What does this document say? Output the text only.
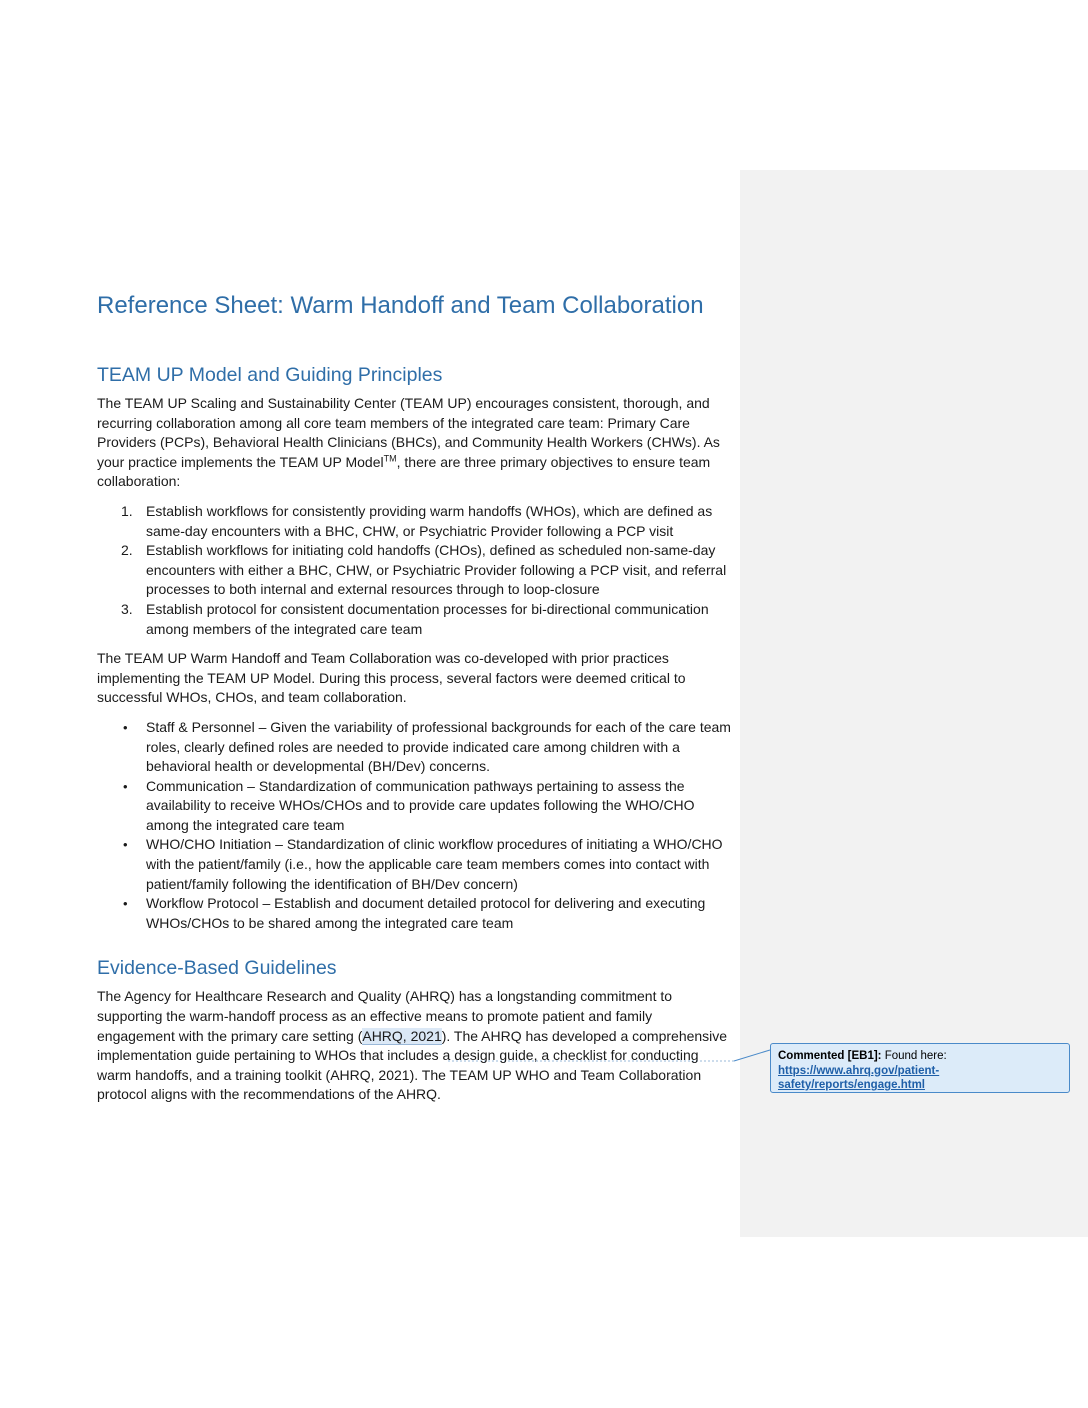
Reference Sheet: Warm Handoff and Team Collaboration
TEAM UP Model and Guiding Principles

The TEAM UP Scaling and Sustainability Center (TEAM UP) encourages consistent, thorough, and recurring collaboration among all core team members of the integrated care team: Primary Care Providers (PCPs), Behavioral Health Clinicians (BHCs), and Community Health Workers (CHWs). As your practice implements the TEAM UP Model™, there are three primary objectives to ensure team collaboration:

1. Establish workflows for consistently providing warm handoffs (WHOs), which are defined as same-day encounters with a BHC, CHW, or Psychiatric Provider following a PCP visit
2. Establish workflows for initiating cold handoffs (CHOs), defined as scheduled non-same-day encounters with either a BHC, CHW, or Psychiatric Provider following a PCP visit, and referral processes to both internal and external resources through to loop-closure
3. Establish protocol for consistent documentation processes for bi-directional communication among members of the integrated care team

The TEAM UP Warm Handoff and Team Collaboration was co-developed with prior practices implementing the TEAM UP Model. During this process, several factors were deemed critical to successful WHOs, CHOs, and team collaboration.

• Staff & Personnel – Given the variability of professional backgrounds for each of the care team roles, clearly defined roles are needed to provide indicated care among children with a behavioral health or developmental (BH/Dev) concerns.
• Communication – Standardization of communication pathways pertaining to assess the availability to receive WHOs/CHOs and to provide care updates following the WHO/CHO among the integrated care team
• WHO/CHO Initiation – Standardization of clinic workflow procedures of initiating a WHO/CHO with the patient/family (i.e., how the applicable care team members comes into contact with patient/family following the identification of BH/Dev concern)
• Workflow Protocol – Establish and document detailed protocol for delivering and executing WHOs/CHOs to be shared among the integrated care team
Evidence-Based Guidelines

The Agency for Healthcare Research and Quality (AHRQ) has a longstanding commitment to supporting the warm-handoff process as an effective means to promote patient and family engagement with the primary care setting (AHRQ, 2021). The AHRQ has developed a comprehensive implementation guide pertaining to WHOs that includes a design guide, a checklist for conducting warm handoffs, and a training toolkit (AHRQ, 2021). The TEAM UP WHO and Team Collaboration protocol aligns with the recommendations of the AHRQ.

Commented [EB1]: Found here: https://www.ahrq.gov/patient-safety/reports/engage.html
